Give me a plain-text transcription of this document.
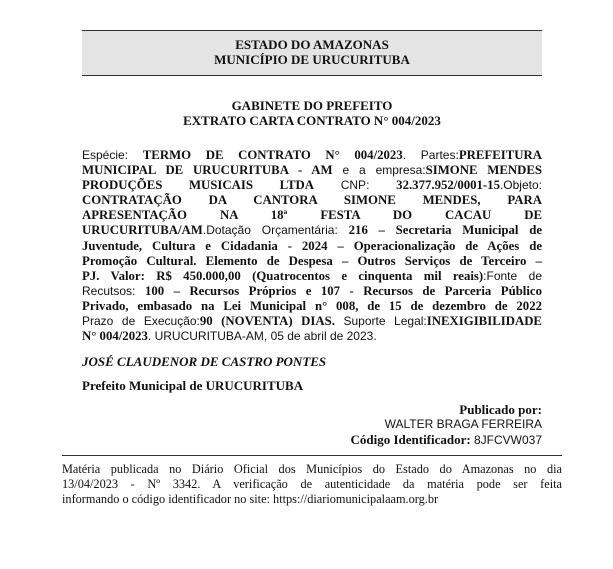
ESTADO DO AMAZONAS
MUNICÍPIO DE URUCURITUBA
GABINETE DO PREFEITO
EXTRATO CARTA CONTRATO N° 004/2023
Espécie: TERMO DE CONTRATO N° 004/2023. Partes:PREFEITURA
MUNICIPAL DE URUCURITUBA - AM e a empresa:SIMONE MENDES
PRODUÇÕES MUSICAIS LTDA CNP: 32.377.952/0001-15.Objeto:
CONTRATAÇÃO DA CANTORA SIMONE MENDES, PARA
APRESENTAÇÃO NA 18ª FESTA DO CACAU DE
URUCURITUBA/AM.Dotação Orçamentária: 216 – Secretaria Municipal de
Juventude, Cultura e Cidadania - 2024 – Operacionalização de Ações de
Promoção Cultural. Elemento de Despesa – Outros Serviços de Terceiro –
PJ. Valor: R$ 450.000,00 (Quatrocentos e cinquenta mil reais):Fonte de
Recutsos: 100 – Recursos Próprios e 107 - Recursos de Parceria Público
Privado, embasado na Lei Municipal n° 008, de 15 de dezembro de 2022
Prazo de Execução:90 (NOVENTA) DIAS. Suporte Legal:INEXIGIBILIDADE
N° 004/2023. URUCURITUBA-AM, 05 de abril de 2023.
JOSÉ CLAUDENOR DE CASTRO PONTES
Prefeito Municipal de URUCURITUBA
Publicado por:
WALTER BRAGA FERREIRA
Código Identificador: 8JFCVW037
Matéria publicada no Diário Oficial dos Municípios do Estado do Amazonas no dia
13/04/2023 - Nº 3342. A verificação de autenticidade da matéria pode ser feita
informando o código identificador no site: https://diariomunicipalaam.org.br
